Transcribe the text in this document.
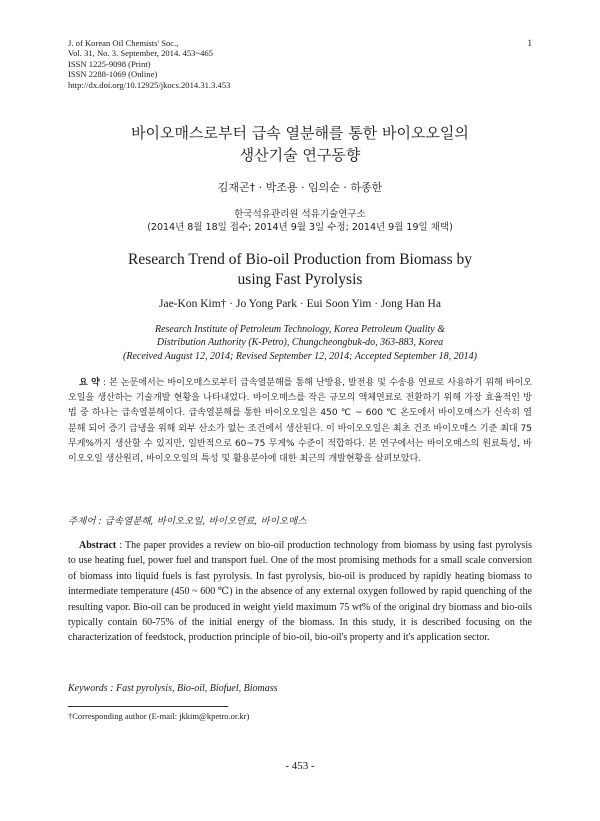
J. of Korean Oil Chemists' Soc.,
Vol. 31, No. 3. September, 2014. 453~465
ISSN 1225-9098 (Print)
ISSN 2288-1069 (Online)
http://dx.doi.org/10.12925/jkocs.2014.31.3.453
1
바이오매스로부터 급속 열분해를 통한 바이오오일의
생산기술 연구동향
김재곤† · 박조용 · 임의순 · 하종한
한국석유관리원 석유기술연구소
(2014년 8월 18일 접수; 2014년 9월 3일 수정; 2014년 9월 19일 채택)
Research Trend of Bio-oil Production from Biomass by
using Fast Pyrolysis
Jae-Kon Kim† · Jo Yong Park · Eui Soon Yim · Jong Han Ha
Research Institute of Petroleum Technology, Korea Petroleum Quality &
Distribution Authority (K-Petro), Chungcheongbuk-do, 363-883, Korea
(Received August 12, 2014; Revised September 12, 2014; Accepted September 18, 2014)
요 약 : 본 논문에서는 바이오매스로부터 급속열분해를 통해 난방용, 발전용 및 수송용 연료로 사용하기 위해 바이오오일을 생산하는 기술개발 현황을 나타내었다. 바이오매스를 작은 규모의 액체연료로 전환하기 위해 가장 효율적인 방법 중 하나는 급속열분해이다. 급속열분해를 통한 바이오오일은 450 ℃ ~ 600 ℃ 온도에서 바이오매스가 신속히 열분해 되어 증기 급냉을 위해 외부 산소가 없는 조건에서 생산된다. 이 바이오오일은 최초 건조 바이오매스 기준 최대 75 무게%까지 생산할 수 있지만, 일반적으로 60~75 무게% 수준이 적합하다. 본 연구에서는 바이오매스의 원료특성, 바이오오일 생산원리, 바이오오일의 특성 및 활용분야에 대한 최근의 개발현황을 살펴보았다.
주제어 : 급속열분해, 바이오오일, 바이오연료, 바이오매스
Abstract : The paper provides a review on bio-oil production technology from biomass by using fast pyrolysis to use heating fuel, power fuel and transport fuel. One of the most promising methods for a small scale conversion of biomass into liquid fuels is fast pyrolysis. In fast pyrolysis, bio-oil is produced by rapidly heating biomass to intermediate temperature (450 ~ 600 ℃) in the absence of any external oxygen followed by rapid quenching of the resulting vapor. Bio-oil can be produced in weight yield maximum 75 wt% of the original dry biomass and bio-oils typically contain 60-75% of the initial energy of the biomass. In this study, it is described focusing on the characterization of feedstock, production principle of bio-oil, bio-oil's property and it's application sector.
Keywords : Fast pyrolysis, Bio-oil, Biofuel, Biomass
†Corresponding author (E-mail: jkkim@kpetro.or.kr)
- 453 -
